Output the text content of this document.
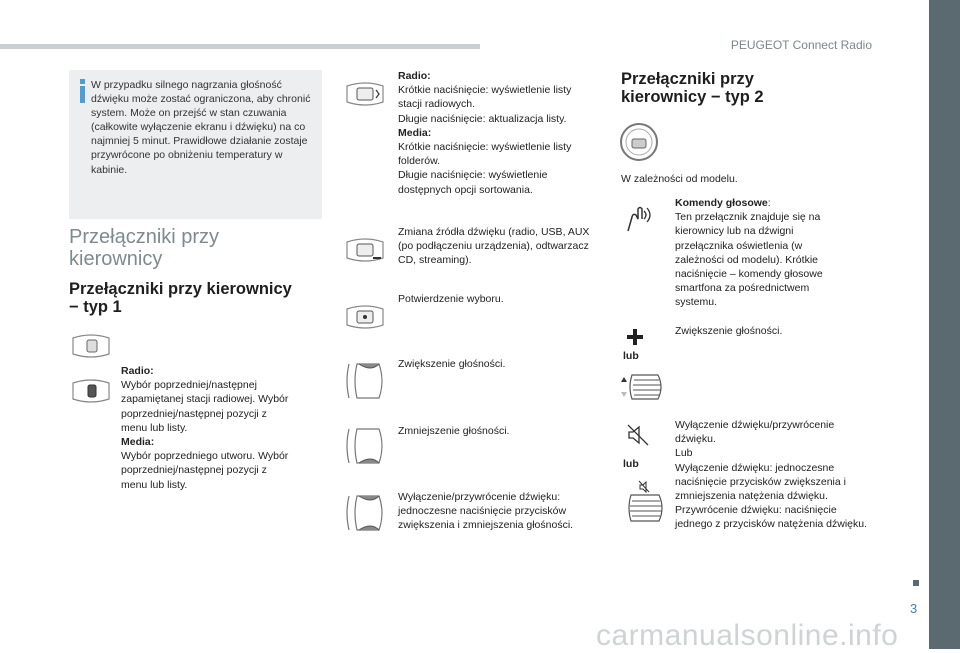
PEUGEOT Connect Radio
3
carmanualsonline.info
W przypadku silnego nagrzania głośność dźwięku może zostać ograniczona, aby chronić system. Może on przejść w stan czuwania (całkowite wyłączenie ekranu i dźwięku) na co najmniej 5 minut. Prawidłowe działanie zostaje przywrócone po obniżeniu temperatury w kabinie.
Przełączniki przy kierownicy
Przełączniki przy kierownicy − typ 1
Radio:
Wybór poprzedniej/następnej zapamiętanej stacji radiowej. Wybór poprzedniej/następnej pozycji z menu lub listy.
Media:
Wybór poprzedniego utworu. Wybór poprzedniej/następnej pozycji z menu lub listy.
Radio:
Krótkie naciśnięcie: wyświetlenie listy stacji radiowych.
Długie naciśnięcie: aktualizacja listy.
Media:
Krótkie naciśnięcie: wyświetlenie listy folderów.
Długie naciśnięcie: wyświetlenie dostępnych opcji sortowania.
Zmiana źródła dźwięku (radio, USB, AUX (po podłączeniu urządzenia), odtwarzacz CD, streaming).
Potwierdzenie wyboru.
Zwiększenie głośności.
Zmniejszenie głośności.
Wyłączenie/przywrócenie dźwięku: jednoczesne naciśnięcie przycisków zwiększenia i zmniejszenia głośności.
Przełączniki przy kierownicy − typ 2
W zależności od modelu.
Komendy głosowe:
Ten przełącznik znajduje się na kierownicy lub na dźwigni przełącznika oświetlenia (w zależności od modelu). Krótkie naciśnięcie – komendy głosowe smartfona za pośrednictwem systemu.
lub
Zwiększenie głośności.
lub
Wyłączenie dźwięku/przywrócenie dźwięku.
Lub
Wyłączenie dźwięku: jednoczesne naciśnięcie przycisków zwiększenia i zmniejszenia natężenia dźwięku. Przywrócenie dźwięku: naciśnięcie jednego z przycisków natężenia dźwięku.
